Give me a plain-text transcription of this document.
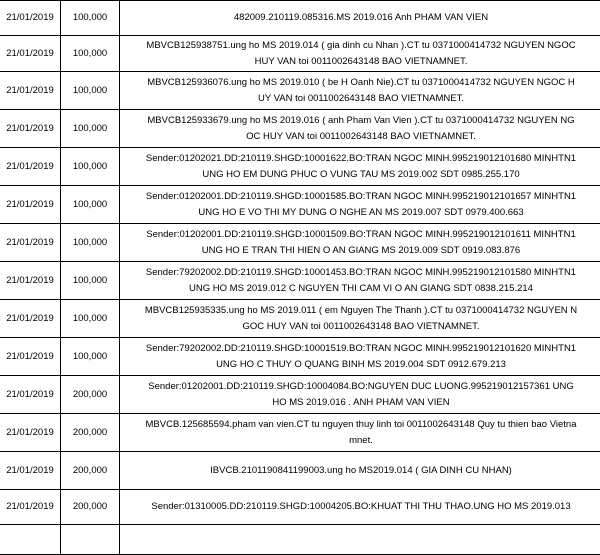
21/01/2019	100,000	482009.210119.085316.MS 2019.016 Anh PHAM VAN VIEN
21/01/2019	100,000	MBVCB125938751.ung ho MS 2019.014 ( gia dinh cu Nhan ).CT tu 0371000414732 NGUYEN NGOC HUY VAN toi 0011002643148 BAO VIETNAMNET.
21/01/2019	100,000	MBVCB125936076.ung ho MS 2019.010 ( be H Oanh Nie).CT tu 0371000414732 NGUYEN NGOC HUY VAN toi 0011002643148 BAO VIETNAMNET.
21/01/2019	100,000	MBVCB125933679.ung ho MS 2019.016 ( anh Pham Van Vien ).CT tu 0371000414732 NGUYEN NGOC HUY VAN toi 0011002643148 BAO VIETNAMNET.
21/01/2019	100,000	Sender:01202021.DD:210119.SHGD:10001622.BO:TRAN NGOC MINH.995219012101680 MINHTN1 UNG HO EM DUNG PHUC O VUNG TAU MS 2019.002 SDT 0985.255.170
21/01/2019	100,000	Sender:01202001.DD:210119.SHGD:10001585.BO:TRAN NGOC MINH.995219012101657 MINHTN1 UNG HO E VO THI MY DUNG O NGHE AN MS 2019.007 SDT 0979.400.663
21/01/2019	100,000	Sender:01202001.DD:210119.SHGD:10001509.BO:TRAN NGOC MINH.995219012101611 MINHTN1 UNG HO E TRAN THI HIEN O AN GIANG MS 2019.009 SDT 0919.083.876
21/01/2019	100,000	Sender:79202002.DD:210119.SHGD:10001453.BO:TRAN NGOC MINH.995219012101580 MINHTN1 UNG HO MS 2019.012 C NGUYEN THI CAM VI O AN GIANG SDT 0838.215.214
21/01/2019	100,000	MBVCB125935335.ung ho MS 2019.011 ( em Nguyen The Thanh ).CT tu 0371000414732 NGUYEN NGOC HUY VAN toi 0011002643148 BAO VIETNAMNET.
21/01/2019	100,000	Sender:79202002.DD:210119.SHGD:10001519.BO:TRAN NGOC MINH.995219012101620 MINHTN1 UNG HO C THUY O QUANG BINH MS 2019.004 SDT 0912.679.213
21/01/2019	200,000	Sender:01202001.DD:210119.SHGD:10004084.BO:NGUYEN DUC LUONG.995219012157361 UNG HO MS 2019.016 . ANH PHAM VAN VIEN
21/01/2019	200,000	MBVCB.125685594.pham van vien.CT tu nguyen thuy linh toi 0011002643148 Quy tu thien bao Vietnamnet.
21/01/2019	200,000	IBVCB.2101190841199003.ung ho MS2019.014 ( GIA DINH CU NHAN)
21/01/2019	200,000	Sender:01310005.DD:210119.SHGD:10004205.BO:KHUAT THI THU THAO.UNG HO MS 2019.013
